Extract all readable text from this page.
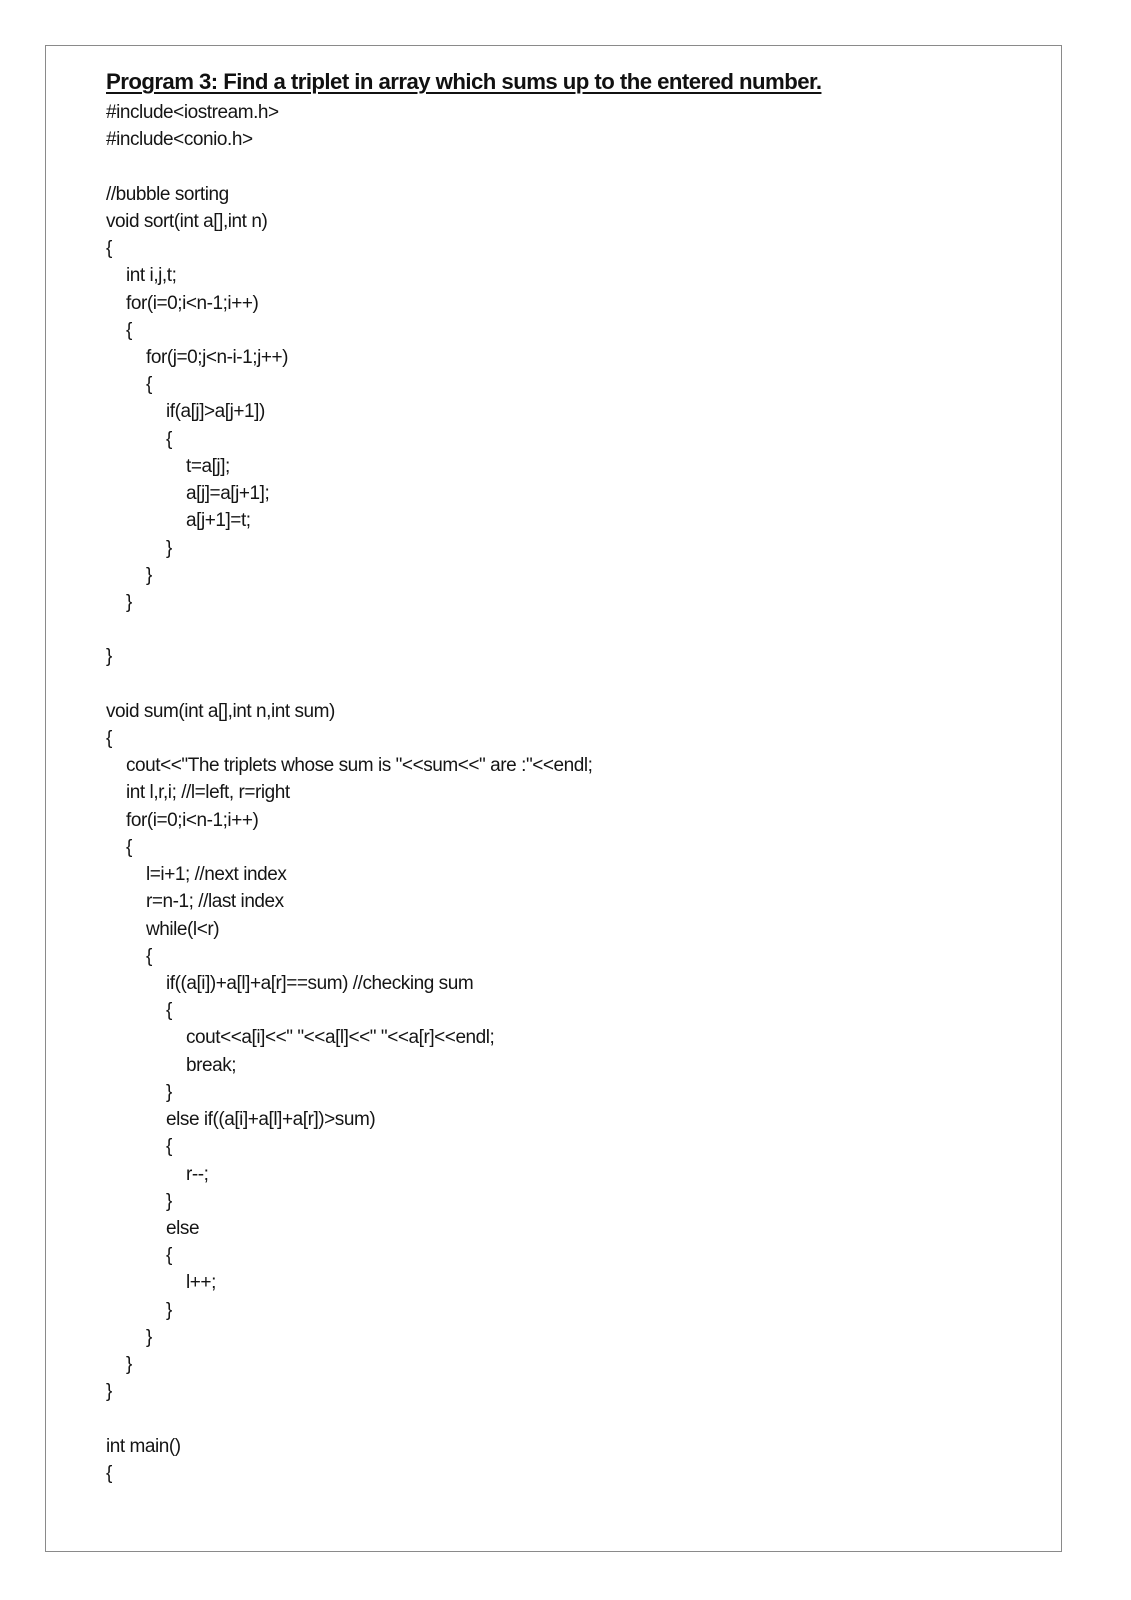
Program 3: Find a triplet in array which sums up to the entered number.
#include<iostream.h>
#include<conio.h>
//bubble sorting
void sort(int a[],int n)
{
int i,j,t;
for(i=0;i<n-1;i++)
{
for(j=0;j<n-i-1;j++)
{
if(a[j]>a[j+1])
{
t=a[j];
a[j]=a[j+1];
a[j+1]=t;
}
}
}
}
void sum(int a[],int n,int sum)
{
cout<<"The triplets whose sum is "<<sum<<" are :"<<endl;
int l,r,i; //l=left, r=right
for(i=0;i<n-1;i++)
{
l=i+1; //next index
r=n-1; //last index
while(l<r)
{
if((a[i])+a[l]+a[r]==sum) //checking sum
{
cout<<a[i]<<" "<<a[l]<<" "<<a[r]<<endl;
break;
}
else if((a[i]+a[l]+a[r])>sum)
{
r--;
}
else
{
l++;
}
}
}
}
int main()
{
